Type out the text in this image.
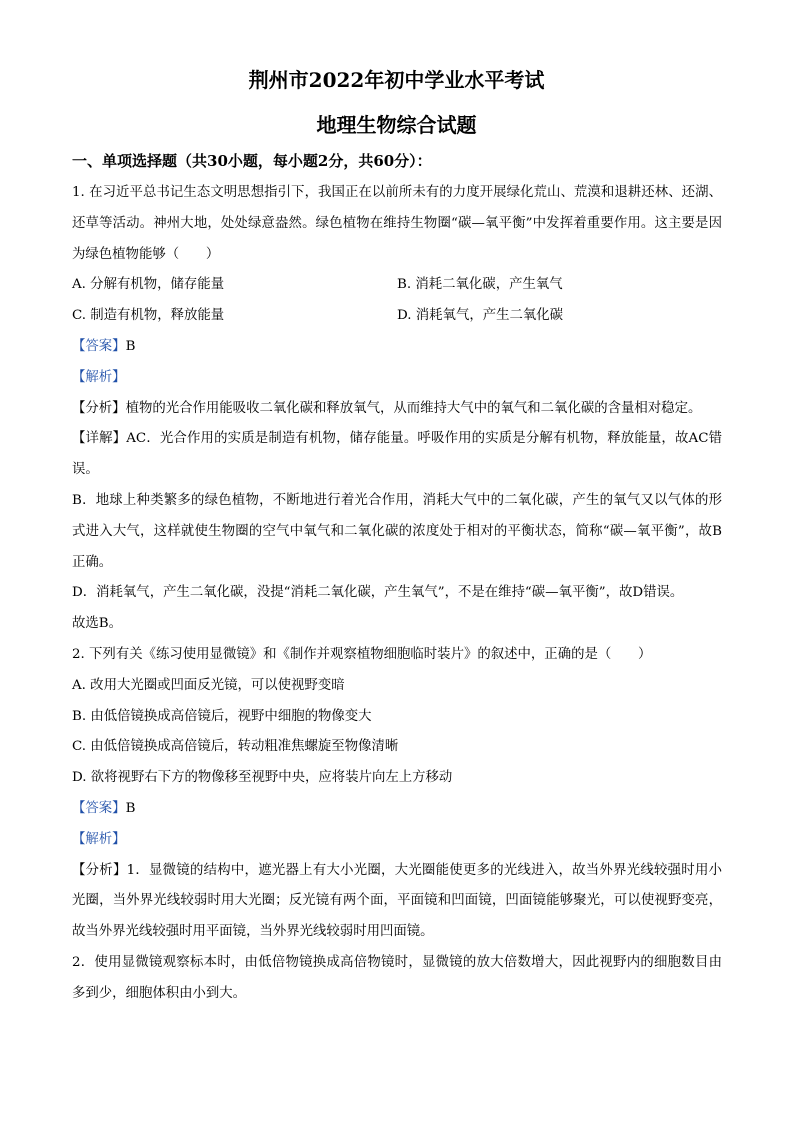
荆州市2022年初中学业水平考试
地理生物综合试题
一、单项选择题（共30小题，每小题2分，共60分）：

1. 在习近平总书记生态文明思想指引下，我国正在以前所未有的力度开展绿化荒山、荒漠和退耕还林、还湖、还草等活动。神州大地，处处绿意盎然。绿色植物在维持生物圈“碳—氧平衡”中发挥着重要作用。这主要是因为绿色植物能够（　　）

A. 分解有机物，储存能量	B. 消耗二氧化碳，产生氧气
C. 制造有机物，释放能量	D. 消耗氧气，产生二氧化碳

【答案】B

【解析】

【分析】植物的光合作用能吸收二氧化碳和释放氧气，从而维持大气中的氧气和二氧化碳的含量相对稳定。

【详解】AC．光合作用的实质是制造有机物，储存能量。呼吸作用的实质是分解有机物，释放能量，故AC错误。

B．地球上种类繁多的绿色植物，不断地进行着光合作用，消耗大气中的二氧化碳，产生的氧气又以气体的形式进入大气，这样就使生物圈的空气中氧气和二氧化碳的浓度处于相对的平衡状态，简称“碳—氧平衡”，故B正确。

D．消耗氧气，产生二氧化碳，没提“消耗二氧化碳，产生氧气”，不是在维持“碳—氧平衡”，故D错误。

故选B。

2. 下列有关《练习使用显微镜》和《制作并观察植物细胞临时装片》的叙述中，正确的是（　　）

A. 改用大光圈或凹面反光镜，可以使视野变暗

B. 由低倍镜换成高倍镜后，视野中细胞的物像变大

C. 由低倍镜换成高倍镜后，转动粗准焦螺旋至物像清晰

D. 欲将视野右下方的物像移至视野中央，应将装片向左上方移动

【答案】B

【解析】

【分析】1．显微镜的结构中，遮光器上有大小光圈，大光圈能使更多的光线进入，故当外界光线较强时用小光圈，当外界光线较弱时用大光圈；反光镜有两个面，平面镜和凹面镜，凹面镜能够聚光，可以使视野变亮，故当外界光线较强时用平面镜，当外界光线较弱时用凹面镜。

2．使用显微镜观察标本时，由低倍物镜换成高倍物镜时，显微镜的放大倍数增大，因此视野内的细胞数目由多到少，细胞体积由小到大。
